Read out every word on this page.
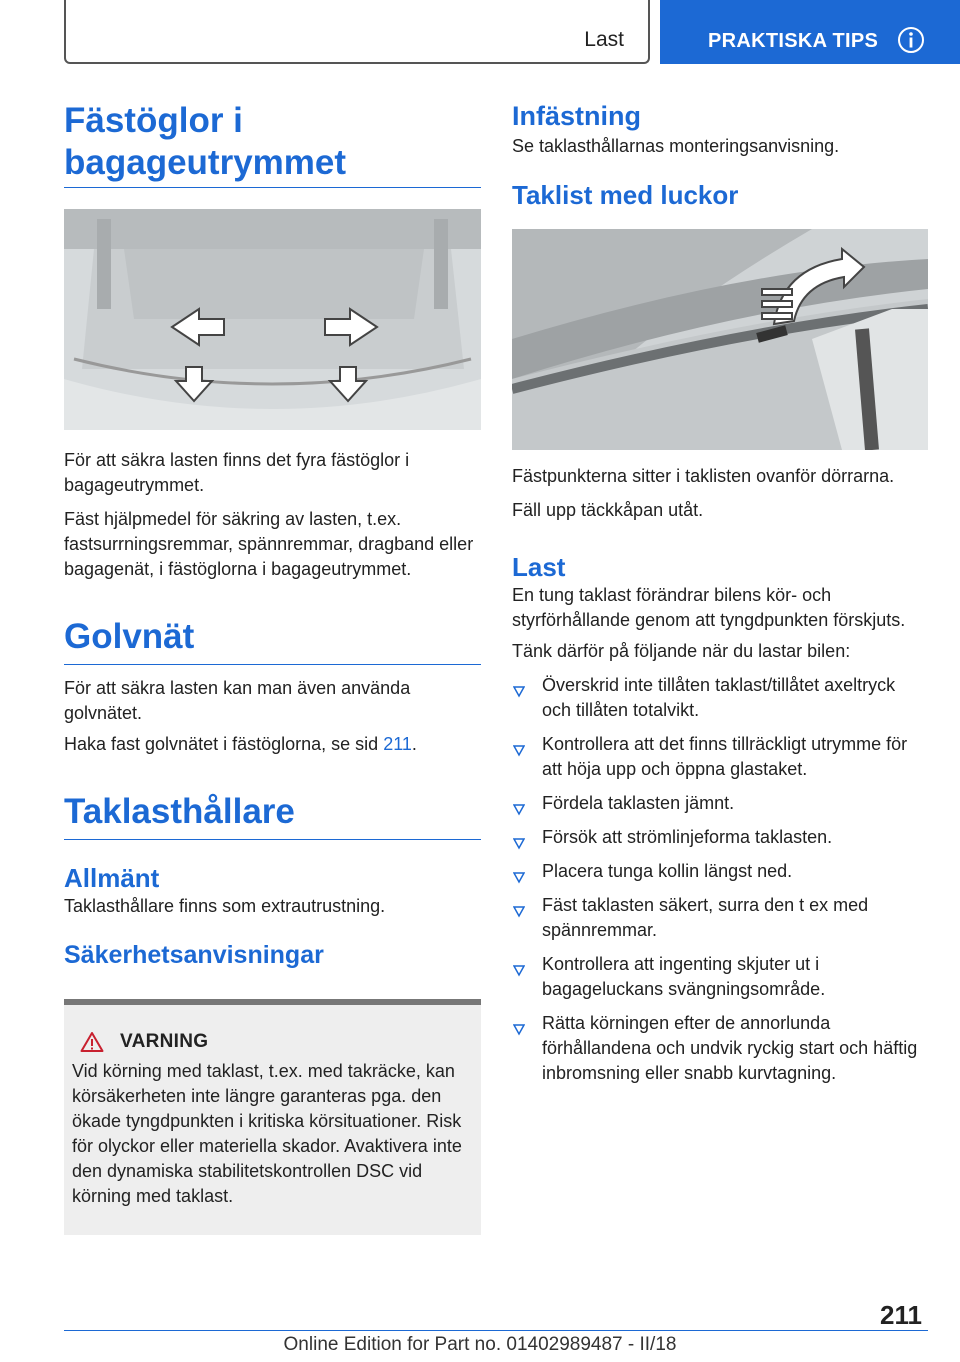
Last	PRAKTISKA TIPS
Fästöglor i bagageutrymmet

För att säkra lasten finns det fyra fästöglor i bagageutrymmet.

Fäst hjälpmedel för säkring av lasten, t.ex. fastsurrningsremmar, spännremmar, dragband eller bagagenät, i fästöglorna i bagageutrymmet.

Golvnät

För att säkra lasten kan man även använda golvnätet.

Haka fast golvnätet i fästöglorna, se sid 211.

Taklasthållare
Allmänt

Taklasthållare finns som extrautrustning.

Säkerhetsanvisningar
VARNING

Vid körning med taklast, t.ex. med takräcke, kan körsäkerheten inte längre garanteras pga. den ökade tyngdpunkten i kritiska körsituationer. Risk för olyckor eller materiella skador. Avaktivera inte den dynamiska stabilitetskontrollen DSC vid körning med taklast.

Infästning

Se taklasthållarnas monteringsanvisning.

Taklist med luckor

Fästpunkterna sitter i taklisten ovanför dörrarna.

Fäll upp täckkåpan utåt.

Last

En tung taklast förändrar bilens kör- och styrförhållande genom att tyngdpunkten förskjuts.

Tänk därför på följande när du lastar bilen:

Överskrid inte tillåten taklast/tillåtet axeltryck och tillåten totalvikt.
Kontrollera att det finns tillräckligt utrymme för att höja upp och öppna glastaket.
Fördela taklasten jämnt.
Försök att strömlinjeforma taklasten.
Placera tunga kollin längst ned.
Fäst taklasten säkert, surra den t ex med spännremmar.
Kontrollera att ingenting skjuter ut i bagageluckans svängningsområde.
Rätta körningen efter de annorlunda förhållandena och undvik ryckig start och häftig inbromsning eller snabb kurvtagning.
211
Online Edition for Part no. 01402989487 - II/18
